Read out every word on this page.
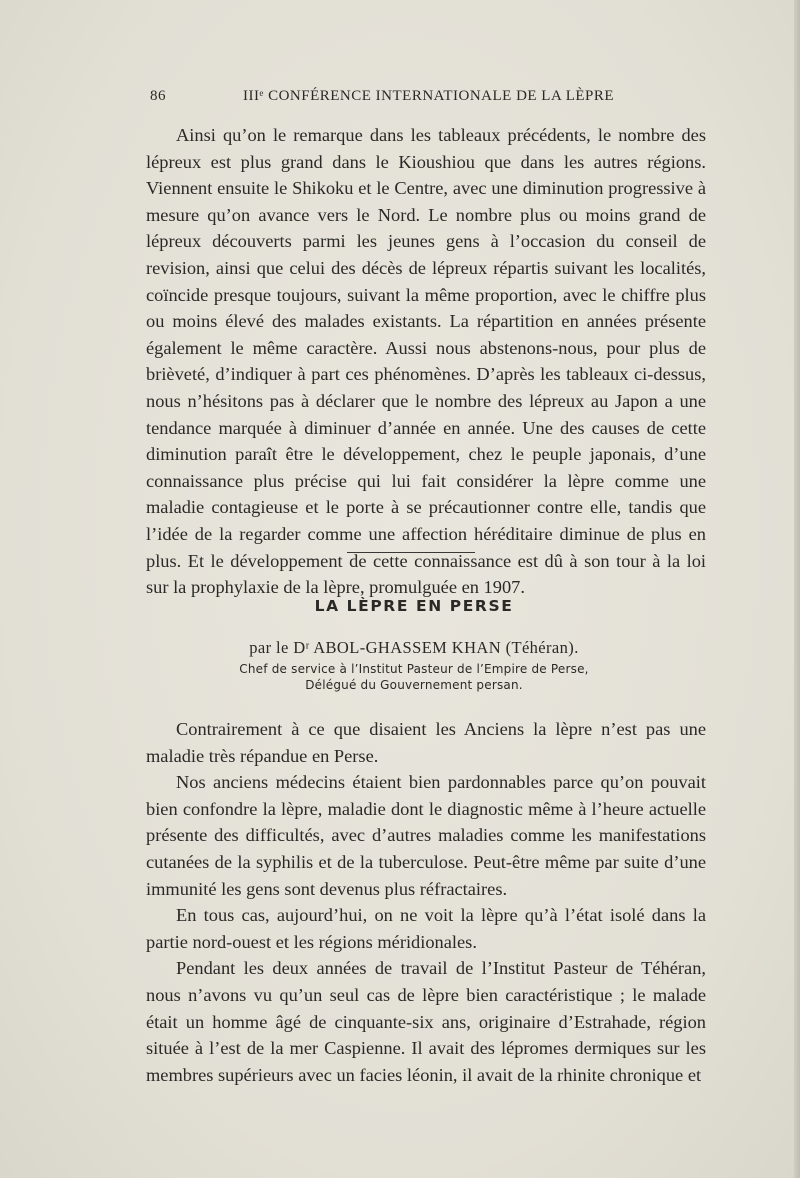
86	IIIᵉ CONFÉRENCE INTERNATIONALE DE LA LÈPRE

Ainsi qu’on le remarque dans les tableaux précédents, le nombre des lépreux est plus grand dans le Kioushiou que dans les autres régions. Viennent ensuite le Shikoku et le Centre, avec une diminution progressive à mesure qu’on avance vers le Nord. Le nombre plus ou moins grand de lépreux découverts parmi les jeunes gens à l’occasion du conseil de revision, ainsi que celui des décès de lépreux répartis suivant les localités, coïncide presque toujours, suivant la même proportion, avec le chiffre plus ou moins élevé des malades existants. La répartition en années présente également le même caractère. Aussi nous abstenons-nous, pour plus de brièveté, d’indiquer à part ces phénomènes. D’après les tableaux ci-dessus, nous n’hésitons pas à déclarer que le nombre des lépreux au Japon a une tendance marquée à diminuer d’année en année. Une des causes de cette diminution paraît être le développement, chez le peuple japonais, d’une connaissance plus précise qui lui fait considérer la lèpre comme une maladie contagieuse et le porte à se précautionner contre elle, tandis que l’idée de la regarder comme une affection héréditaire diminue de plus en plus. Et le développement de cette connaissance est dû à son tour à la loi sur la prophylaxie de la lèpre, promulguée en 1907.

LA LÈPRE EN PERSE
par le Dʳ ABOL-GHASSEM KHAN (Téhéran).
Chef de service à l’Institut Pasteur de l’Empire de Perse,
Délégué du Gouvernement persan.

Contrairement à ce que disaient les Anciens la lèpre n’est pas une maladie très répandue en Perse.

Nos anciens médecins étaient bien pardonnables parce qu’on pouvait bien confondre la lèpre, maladie dont le diagnostic même à l’heure actuelle présente des difficultés, avec d’autres maladies comme les manifestations cutanées de la syphilis et de la tuberculose. Peut-être même par suite d’une immunité les gens sont devenus plus réfractaires.

En tous cas, aujourd’hui, on ne voit la lèpre qu’à l’état isolé dans la partie nord-ouest et les régions méridionales.

Pendant les deux années de travail de l’Institut Pasteur de Téhéran, nous n’avons vu qu’un seul cas de lèpre bien caractéristique ; le malade était un homme âgé de cinquante-six ans, originaire d’Estrahade, région située à l’est de la mer Caspienne. Il avait des lépromes dermiques sur les membres supérieurs avec un facies léonin, il avait de la rhinite chronique et
